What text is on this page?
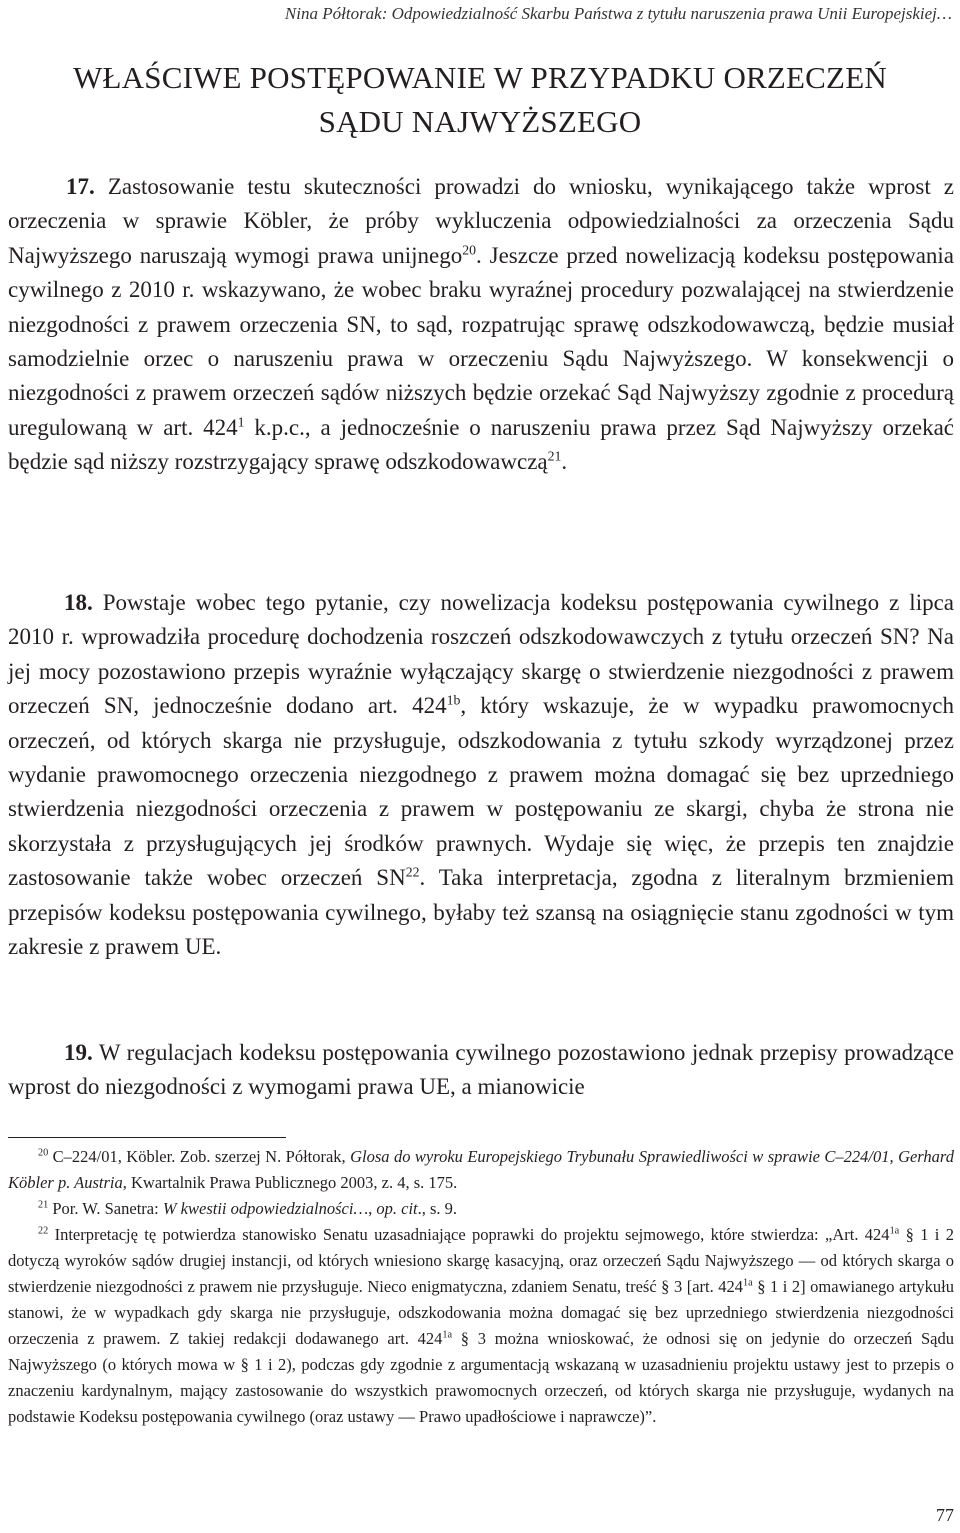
Nina Półtorak: Odpowiedzialność Skarbu Państwa z tytułu naruszenia prawa Unii Europejskiej…
WŁAŚCIWE POSTĘPOWANIE W PRZYPADKU ORZECZEŃ
SĄDU NAJWYŻSZEGO

17. Zastosowanie testu skuteczności prowadzi do wniosku, wynikającego także wprost z orzeczenia w sprawie Köbler, że próby wykluczenia odpowiedzialności za orzeczenia Sądu Najwyższego naruszają wymogi prawa unijnego$^{20}$. Jeszcze przed nowelizacją kodeksu postępowania cywilnego z 2010 r. wskazywano, że wobec braku wyraźnej procedury pozwalającej na stwierdzenie niezgodności z prawem orzeczenia SN, to sąd, rozpatrując sprawę odszkodowawczą, będzie musiał samodzielnie orzec o naruszeniu prawa w orzeczeniu Sądu Najwyższego. W konsekwencji o niezgodności z prawem orzeczeń sądów niższych będzie orzekać Sąd Najwyższy zgodnie z procedurą uregulowaną w art. $424^1$ k.p.c., a jednocześnie o naruszeniu prawa przez Sąd Najwyższy orzekać będzie sąd niższy rozstrzygający sprawę odszkodowawczą$^{21}$.

18. Powstaje wobec tego pytanie, czy nowelizacja kodeksu postępowania cywilnego z lipca 2010 r. wprowadziła procedurę dochodzenia roszczeń odszkodowawczych z tytułu orzeczeń SN? Na jej mocy pozostawiono przepis wyraźnie wyłączający skargę o stwierdzenie niezgodności z prawem orzeczeń SN, jednocześnie dodano art. $424^{1b}$, który wskazuje, że w wypadku prawomocnych orzeczeń, od których skarga nie przysługuje, odszkodowania z tytułu szkody wyrządzonej przez wydanie prawomocnego orzeczenia niezgodnego z prawem można domagać się bez uprzedniego stwierdzenia niezgodności orzeczenia z prawem w postępowaniu ze skargi, chyba że strona nie skorzystała z przysługujących jej środków prawnych. Wydaje się więc, że przepis ten znajdzie zastosowanie także wobec orzeczeń SN$^{22}$. Taka interpretacja, zgodna z literalnym brzmieniem przepisów kodeksu postępowania cywilnego, byłaby też szansą na osiągnięcie stanu zgodności w tym zakresie z prawem UE.

19. W regulacjach kodeksu postępowania cywilnego pozostawiono jednak przepisy prowadzące wprost do niezgodności z wymogami prawa UE, a mianowicie

$^{20}$ C–224/01, Köbler. Zob. szerzej N. Półtorak, Glosa do wyroku Europejskiego Trybunału Sprawiedliwości w sprawie C–224/01, Gerhard Köbler p. Austria, Kwartalnik Prawa Publicznego 2003, z. 4, s. 175.

$^{21}$ Por. W. Sanetra: W kwestii odpowiedzialności…, op. cit., s. 9.

$^{22}$ Interpretację tę potwierdza stanowisko Senatu uzasadniające poprawki do projektu sejmowego, które stwierdza: „Art. $424^{1a}$ § 1 i 2 dotyczą wyroków sądów drugiej instancji, od których wniesiono skargę kasacyjną, oraz orzeczeń Sądu Najwyższego — od których skarga o stwierdzenie niezgodności z prawem nie przysługuje. Nieco enigmatyczna, zdaniem Senatu, treść § 3 [art. $424^{1a}$ § 1 i 2] omawianego artykułu stanowi, że w wypadkach gdy skarga nie przysługuje, odszkodowania można domagać się bez uprzedniego stwierdzenia niezgodności orzeczenia z prawem. Z takiej redakcji dodawanego art. $424^{1a}$ § 3 można wnioskować, że odnosi się on jedynie do orzeczeń Sądu Najwyższego (o których mowa w § 1 i 2), podczas gdy zgodnie z argumentacją wskazaną w uzasadnieniu projektu ustawy jest to przepis o znaczeniu kardynalnym, mający zastosowanie do wszystkich prawomocnych orzeczeń, od których skarga nie przysługuje, wydanych na podstawie Kodeksu postępowania cywilnego (oraz ustawy — Prawo upadłościowe i naprawcze)”.

77
